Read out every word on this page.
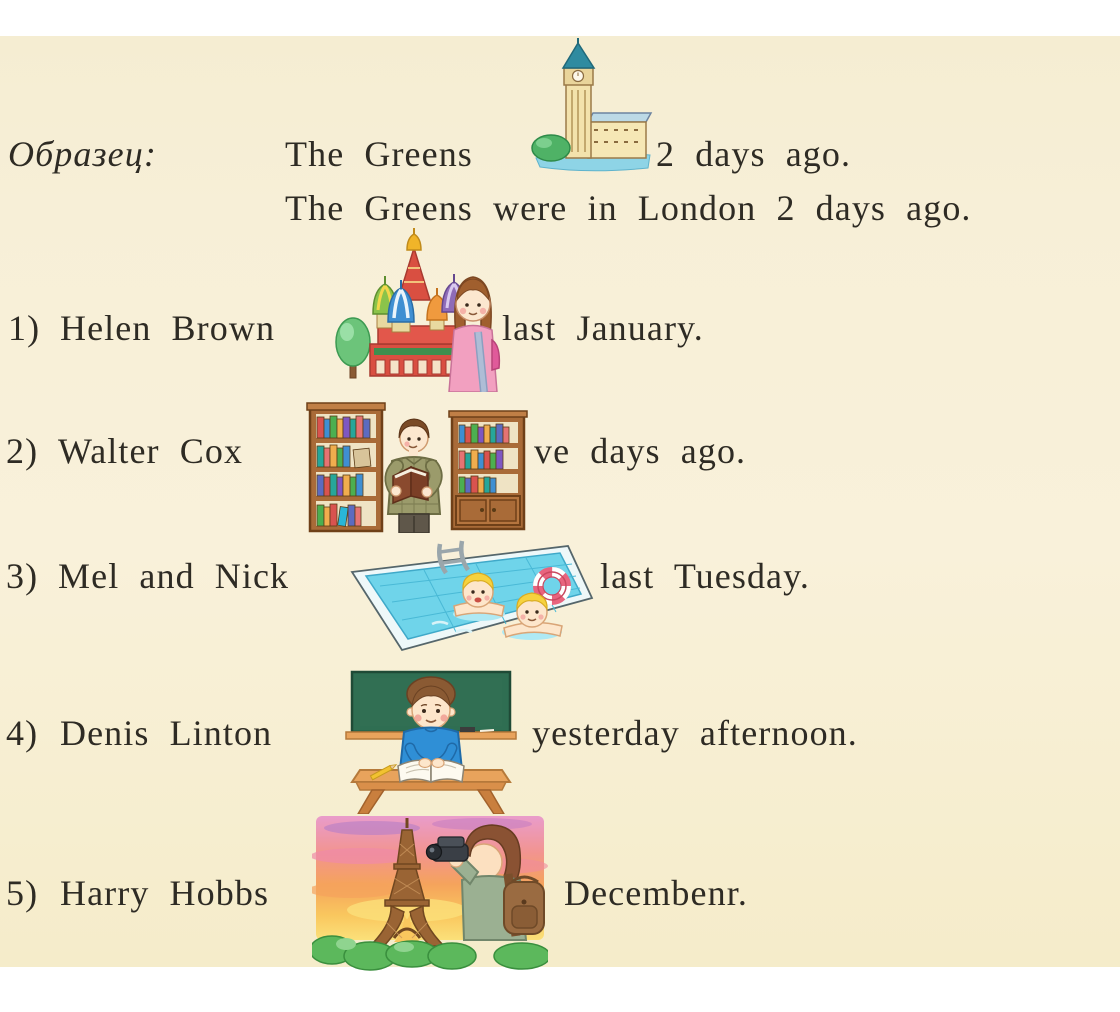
Образец:	The Greens	2 days ago.
The Greens were in London 2 days ago.
1) Helen Brown	last January.
2) Walter Cox	ve days ago.
3) Mel and Nick	last Tuesday.
4) Denis Linton	yesterday afternoon.
5) Harry Hobbs	Decembenr.
